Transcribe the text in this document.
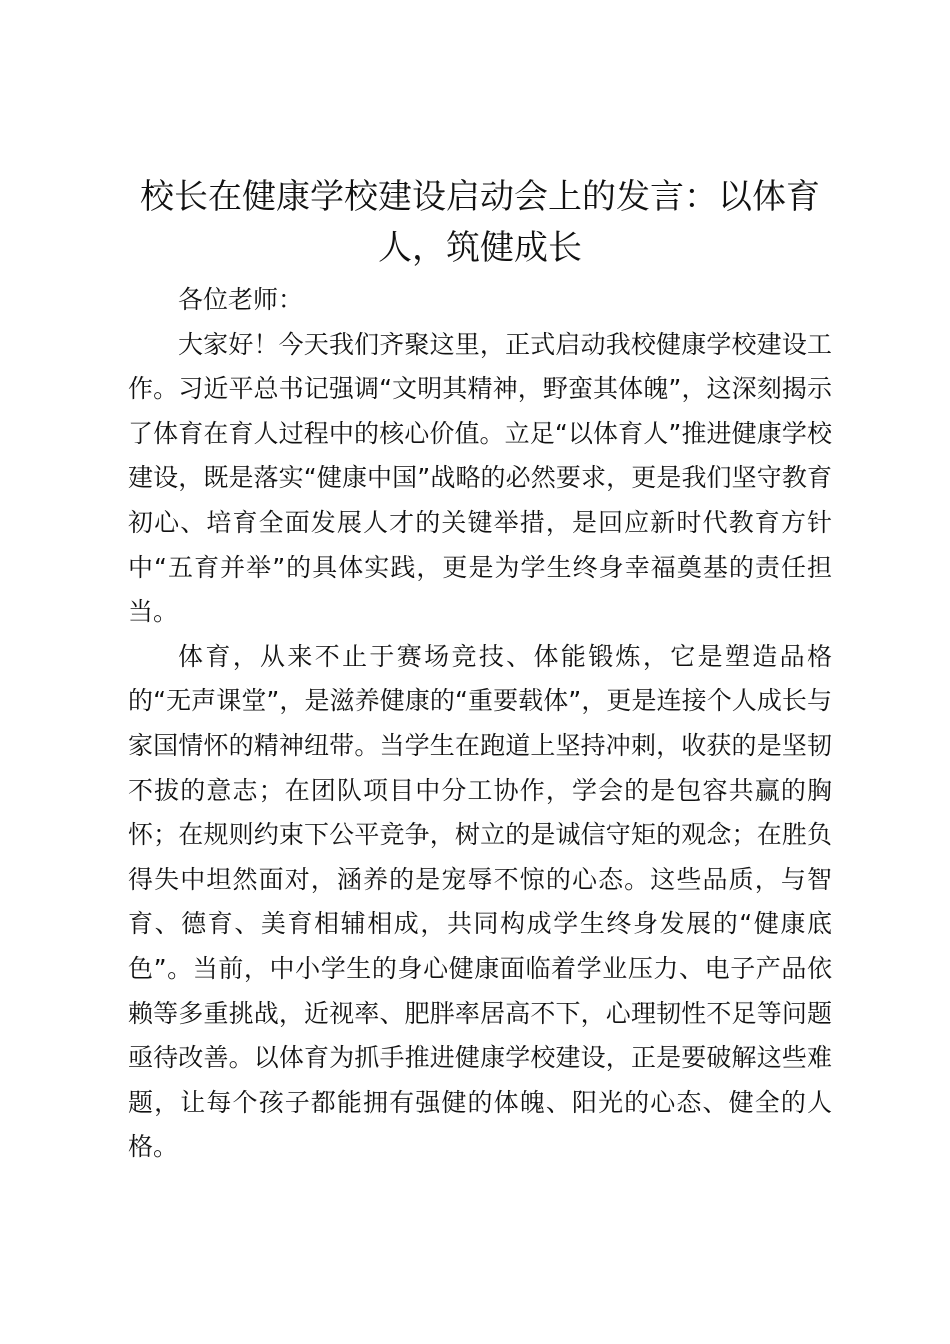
校长在健康学校建设启动会上的发言：以体育人，筑健成长

各位老师：

大家好！今天我们齐聚这里，正式启动我校健康学校建设工作。习近平总书记强调“文明其精神，野蛮其体魄”，这深刻揭示了体育在育人过程中的核心价值。立足“以体育人”推进健康学校建设，既是落实“健康中国”战略的必然要求，更是我们坚守教育初心、培育全面发展人才的关键举措，是回应新时代教育方针中“五育并举”的具体实践，更是为学生终身幸福奠基的责任担当。

体育，从来不止于赛场竞技、体能锻炼，它是塑造品格的“无声课堂”，是滋养健康的“重要载体”，更是连接个人成长与家国情怀的精神纽带。当学生在跑道上坚持冲刺，收获的是坚韧不拔的意志；在团队项目中分工协作，学会的是包容共赢的胸怀；在规则约束下公平竞争，树立的是诚信守矩的观念；在胜负得失中坦然面对，涵养的是宠辱不惊的心态。这些品质，与智育、德育、美育相辅相成，共同构成学生终身发展的“健康底色”。当前，中小学生的身心健康面临着学业压力、电子产品依赖等多重挑战，近视率、肥胖率居高不下，心理韧性不足等问题亟待改善。以体育为抓手推进健康学校建设，正是要破解这些难题，让每个孩子都能拥有强健的体魄、阳光的心态、健全的人格。
